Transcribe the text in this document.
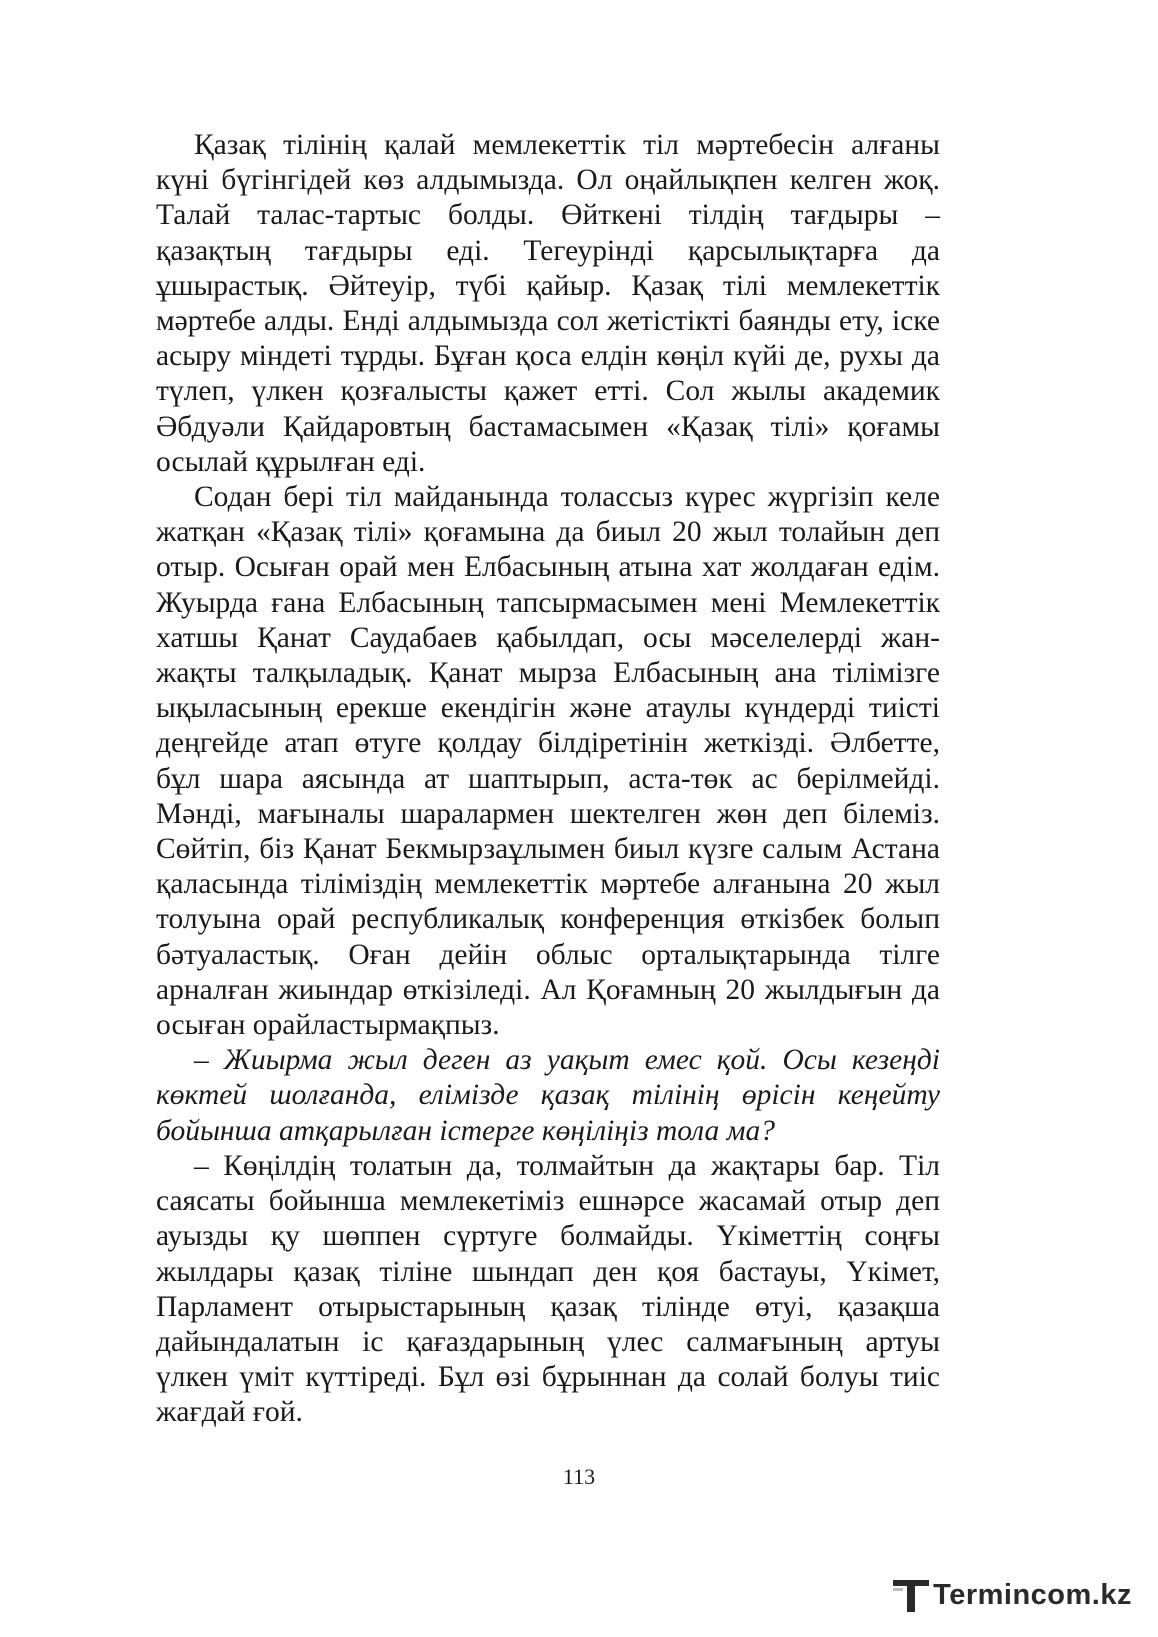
Қазақ тілінің қалай мемлекеттік тіл мәртебесін алғаны күні бүгінгідей көз алдымызда. Ол оңайлықпен келген жоқ. Талай талас-тартыс болды. Өйткені тілдің тағдыры – қазақтың тағдыры еді. Тегеурінді қарсылықтарға да ұшырастық. Әйтеуір, түбі қайыр. Қазақ тілі мемлекеттік мәртебе алды. Енді алдымызда сол жетістікті баянды ету, іске асыру міндеті тұрды. Бұған қоса елдін көңіл күйі де, рухы да түлеп, үлкен қозғалысты қажет етті. Сол жылы академик Әбдуәли Қайдаровтың бастамасымен «Қазақ тілі» қоғамы осылай құрылған еді.

Содан бері тіл майданында толассыз күрес жүргізіп келе жатқан «Қазақ тілі» қоғамына да биыл 20 жыл толайын деп отыр. Осыған орай мен Елбасының атына хат жолдаған едім. Жуырда ғана Елбасының тапсырмасымен мені Мемлекеттік хатшы Қанат Саудабаев қабылдап, осы мәселелерді жан-жақты талқыладық. Қанат мырза Елбасының ана тілімізге ықыласының ерекше екендігін және атаулы күндерді тиісті деңгейде атап өтуге қолдау білдіретінін жеткізді. Әлбетте, бұл шара аясында ат шаптырып, аста-төк ас берілмейді. Мәнді, мағыналы шаралармен шектелген жөн деп білеміз. Сөйтіп, біз Қанат Бекмырзаұлымен биыл күзге салым Астана қаласында тіліміздің мемлекеттік мәртебе алғанына 20 жыл толуына орай республикалық конференция өткізбек болып бәтуаластық. Оған дейін облыс орталықтарында тілге арналған жиындар өткізіледі. Ал Қоғамның 20 жылдығын да осыған орайластырмақпыз.

– Жиырма жыл деген аз уақыт емес қой. Осы кезеңді көктей шолғанда, елімізде қазақ тілінің өрісін кеңейту бойынша атқарылған істерге көңіліңіз тола ма?

– Көңілдің толатын да, толмайтын да жақтары бар. Тіл саясаты бойынша мемлекетіміз ешнәрсе жасамай отыр деп ауызды қу шөппен сүртуге болмайды. Үкіметтің соңғы жылдары қазақ тіліне шындап ден қоя бастауы, Үкімет, Парламент отырыстарының қазақ тілінде өтуі, қазақша дайындалатын іс қағаздарының үлес салмағының артуы үлкен үміт күттіреді. Бұл өзі бұрыннан да солай болуы тиіс жағдай ғой.

113
Termincom.kz
